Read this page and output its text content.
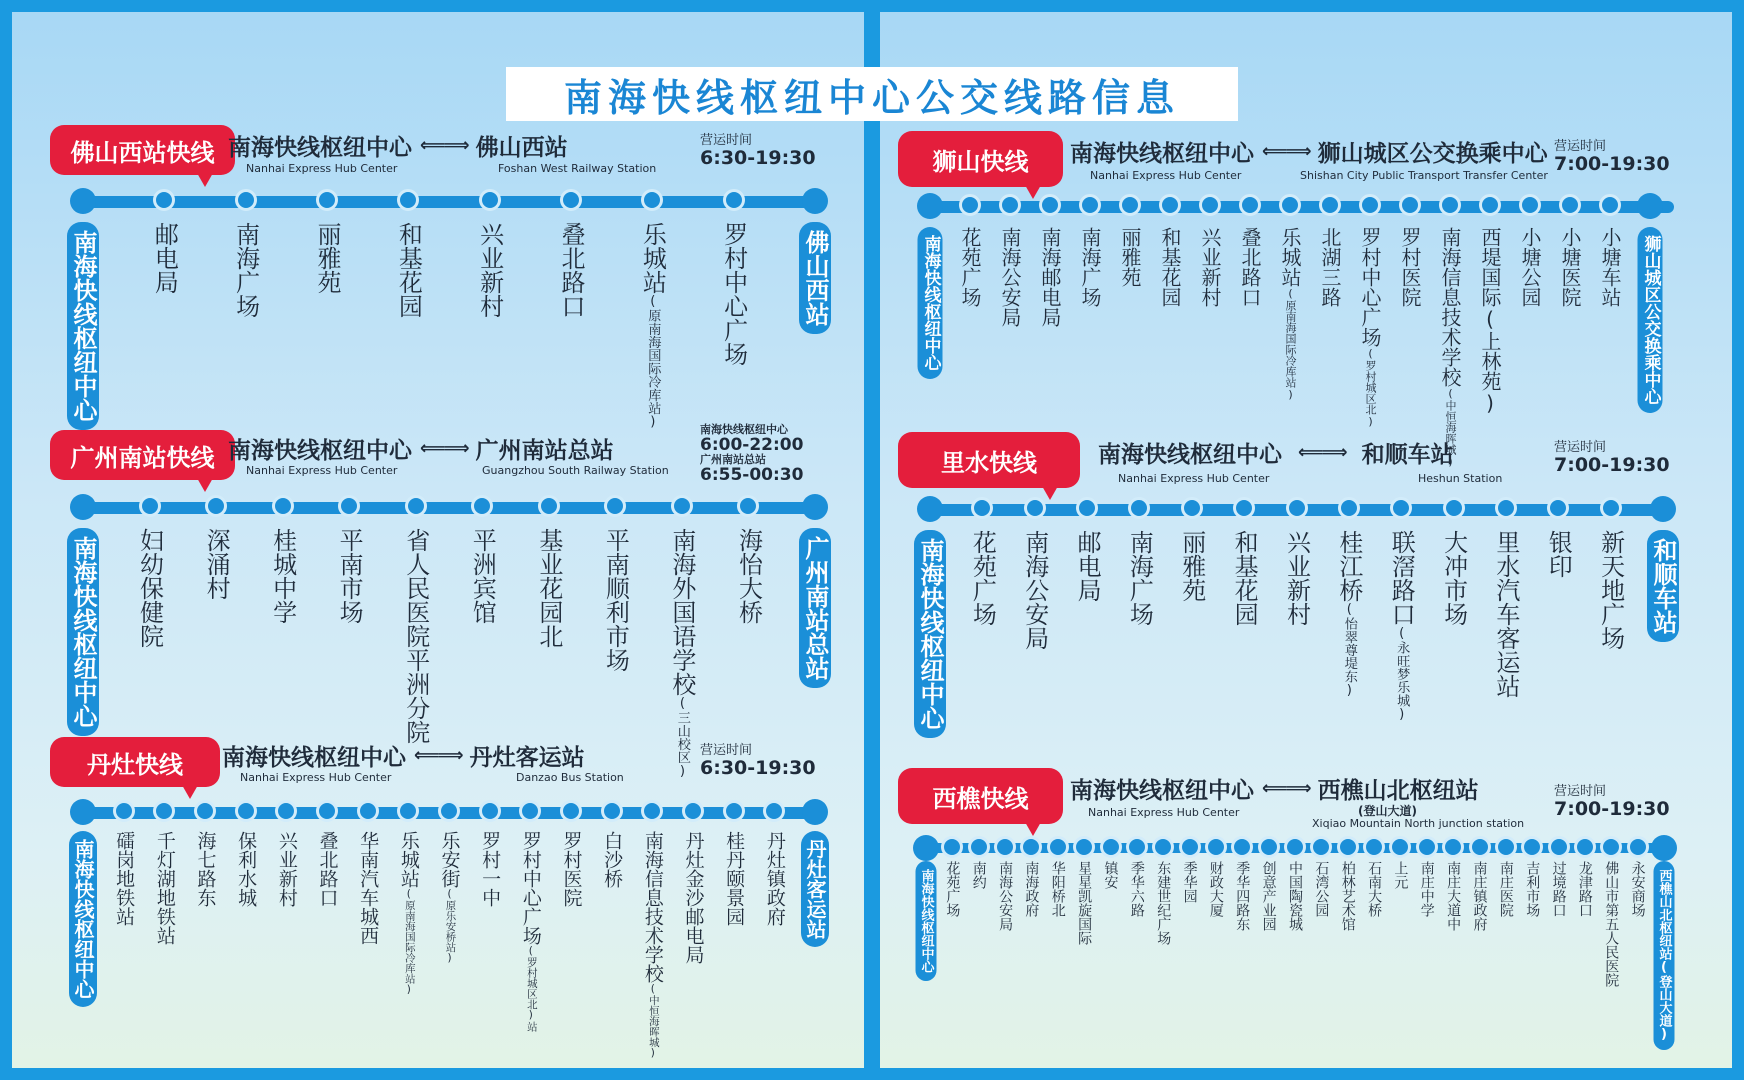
南海快线枢纽中心公交线路信息
佛山西站快线 南海快线枢纽中心 ⟸⟹ 佛山西站
Nanhai Express Hub Center	Foshan West Railway Station
营运时间
6:30-19:30
南海快线枢纽中心	佛山西站
邮电局 南海广场 丽雅苑 和基花园 兴业新村 叠北路口 乐城站(原南海国际冷库站) 罗村中心广场
广州南站快线 南海快线枢纽中心 ⟸⟹ 广州南站总站
Nanhai Express Hub Center	Guangzhou South Railway Station
南海快线枢纽中心
6:00-22:00
广州南站总站
6:55-00:30
南海快线枢纽中心	广州南站总站
妇幼保健院 深涌村 桂城中学 平南市场 省人民医院平洲分院 平洲宾馆 基业花园北 平南顺利市场 南海外国语学校(三山校区)
海怡大桥
丹灶快线	南海快线枢纽中心 ⟸⟹ 丹灶客运站
Nanhai Express Hub Center	Danzao Bus Station
营运时间
6:30-19:30
南海快线枢纽中心	丹灶客运站
礌岗地铁站 千灯湖地铁站 海七路东 保利水城 兴业新村 叠北路口 华南汽车城西 乐城站(原南海国际冷库站)
乐安街(原乐安桥站)
罗村一中 罗村中心广场(罗村城区北)站
罗村医院 白沙桥 南海信息技术学校(中恒海晖城)
丹灶金沙邮电局 桂丹颐景园 丹灶镇政府
狮山快线	南海快线枢纽中心 ⟸⟹ 狮山城区公交换乘中心
Nanhai Express Hub Center	Shishan City Public Transport Transfer Center
营运时间
7:00-19:30
南海快线枢纽中心	狮山城区公交换乘中心
花苑广场 南海公安局 南海邮电局 南海广场 丽雅苑 和基花园 兴业新村 叠北路口 乐城站(原南海国际冷库站)
北湖三路 罗村中心广场(罗村城区北)
罗村医院 南海信息技术学校(中恒海晖城)
西堤国际(上林苑) 小塘公园 小塘医院 小塘车站
里水快线	南海快线枢纽中心 ⟸⟹ 和顺车站
Nanhai Express Hub Center	Heshun Station
营运时间
7:00-19:30
南海快线枢纽中心	和顺车站
花苑广场 南海公安局 邮电局 南海广场 丽雅苑 和基花园 兴业新村 桂江桥(怡翠尊堤东)
联滘路口(永旺梦乐城)
大冲市场 里水汽车客运站 银印 新天地广场
西樵快线	南海快线枢纽中心 ⟸⟹ 西樵山北枢纽站
(登山大道)
Nanhai Express Hub Center
Xiqiao Mountain North junction station
营运时间
7:00-19:30
南海快线枢纽中心	西樵山北枢纽站(登山大道)
花苑广场 南约 南海公安局 南海政府 华阳桥北 星星凯旋国际 镇安 季华六路 东建世纪广场 季华园 财政大厦 季华四路东 创意产业园 中国陶瓷城 石湾公园 柏林艺术馆 石南大桥 上元 南庄中学 南庄大道中 南庄镇政府 南庄医院 吉利市场 过境路口 龙津路口 佛山市第五人民医院 永安商场
